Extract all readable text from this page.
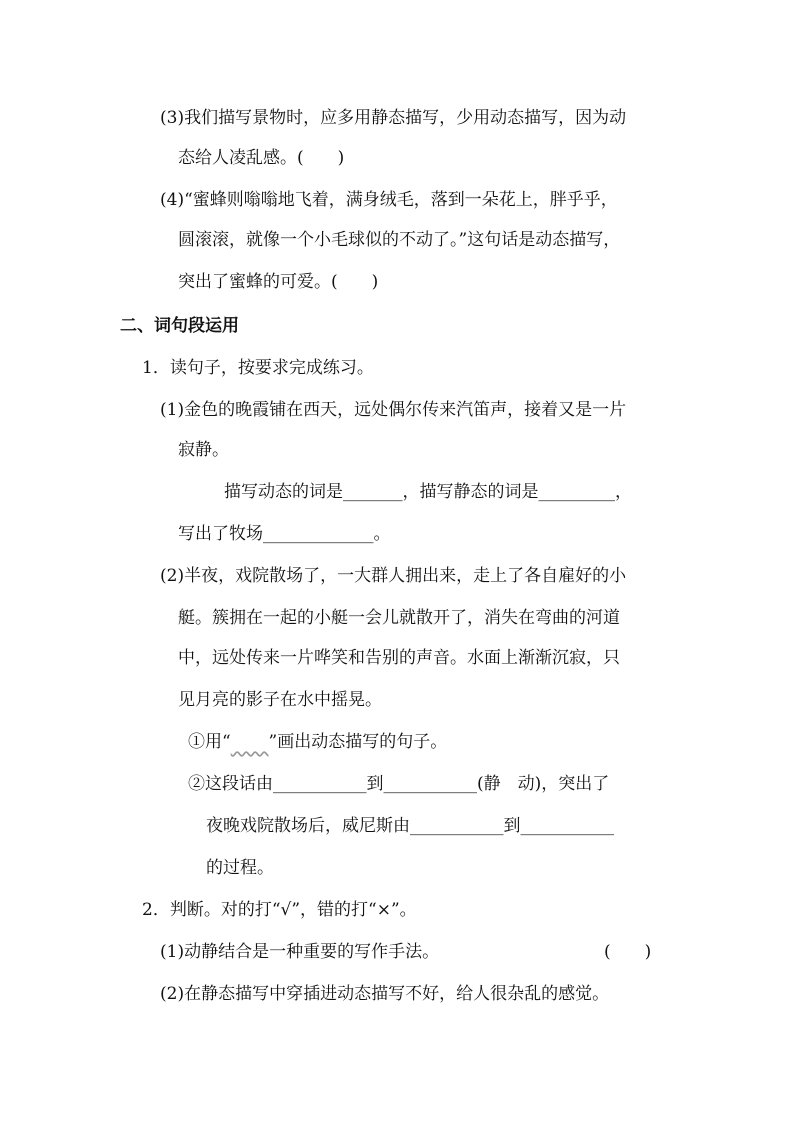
(3)我们描写景物时，应多用静态描写，少用动态描写，因为动
态给人凌乱感。(　　)
(4)“蜜蜂则嗡嗡地飞着，满身绒毛，落到一朵花上，胖乎乎，
圆滚滚，就像一个小毛球似的不动了。”这句话是动态描写，
突出了蜜蜂的可爱。(　　)
二、词句段运用
1．读句子，按要求完成练习。
(1)金色的晚霞铺在西天，远处偶尔传来汽笛声，接着又是一片
寂静。
描写动态的词是_______，描写静态的词是_________，
写出了牧场_____________。
(2)半夜，戏院散场了，一大群人拥出来，走上了各自雇好的小
艇。簇拥在一起的小艇一会儿就散开了，消失在弯曲的河道
中，远处传来一片哗笑和告别的声音。水面上渐渐沉寂，只
见月亮的影子在水中摇晃。
①用“ ”画出动态描写的句子。
②这段话由___________到___________(静　动)，突出了
夜晚戏院散场后，威尼斯由___________到___________
的过程。
2．判断。对的打“√”，错的打“×”。
(1)动静结合是一种重要的写作手法。	(　　)
(2)在静态描写中穿插进动态描写不好，给人很杂乱的感觉。
